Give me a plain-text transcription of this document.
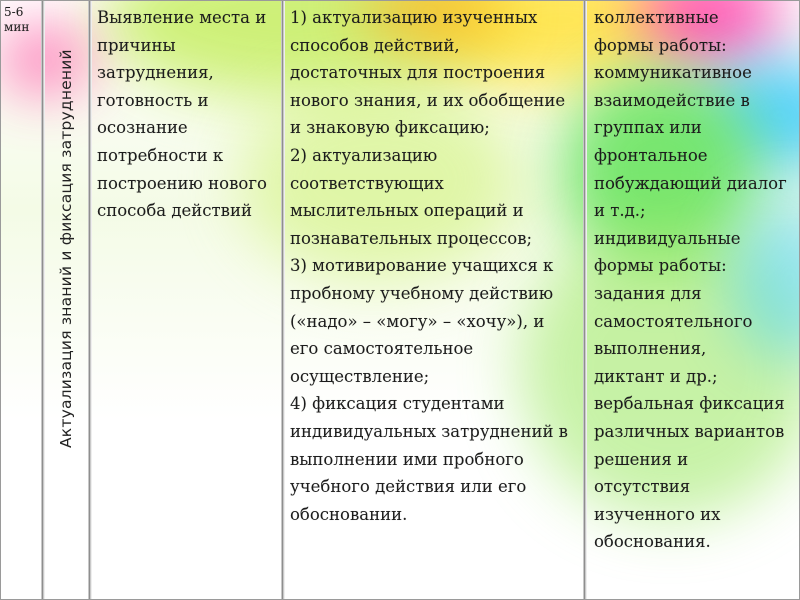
5-6
мин
Актуализация знаний и фиксация затруднений
Выявление места и
причины
затруднения,
готовность и
осознание
потребности к
построению нового
способа действий
1) актуализацию изученных
способов действий,
достаточных для построения
нового знания, и их обобщение
и знаковую фиксацию;
2) актуализацию
соответствующих
мыслительных операций и
познавательных процессов;
3) мотивирование учащихся к
пробному учебному действию
(«надо» – «могу» – «хочу»), и
его самостоятельное
осуществление;
4) фиксация студентами
индивидуальных затруднений в
выполнении ими пробного
учебного действия или его
обосновании.
коллективные
формы работы:
коммуникативное
взаимодействие в
группах или
фронтальное
побуждающий диалог
и т.д.;
индивидуальные
формы работы:
задания для
самостоятельного
выполнения,
диктант и др.;
вербальная фиксация
различных вариантов
решения и
отсутствия
изученного их
обоснования.
